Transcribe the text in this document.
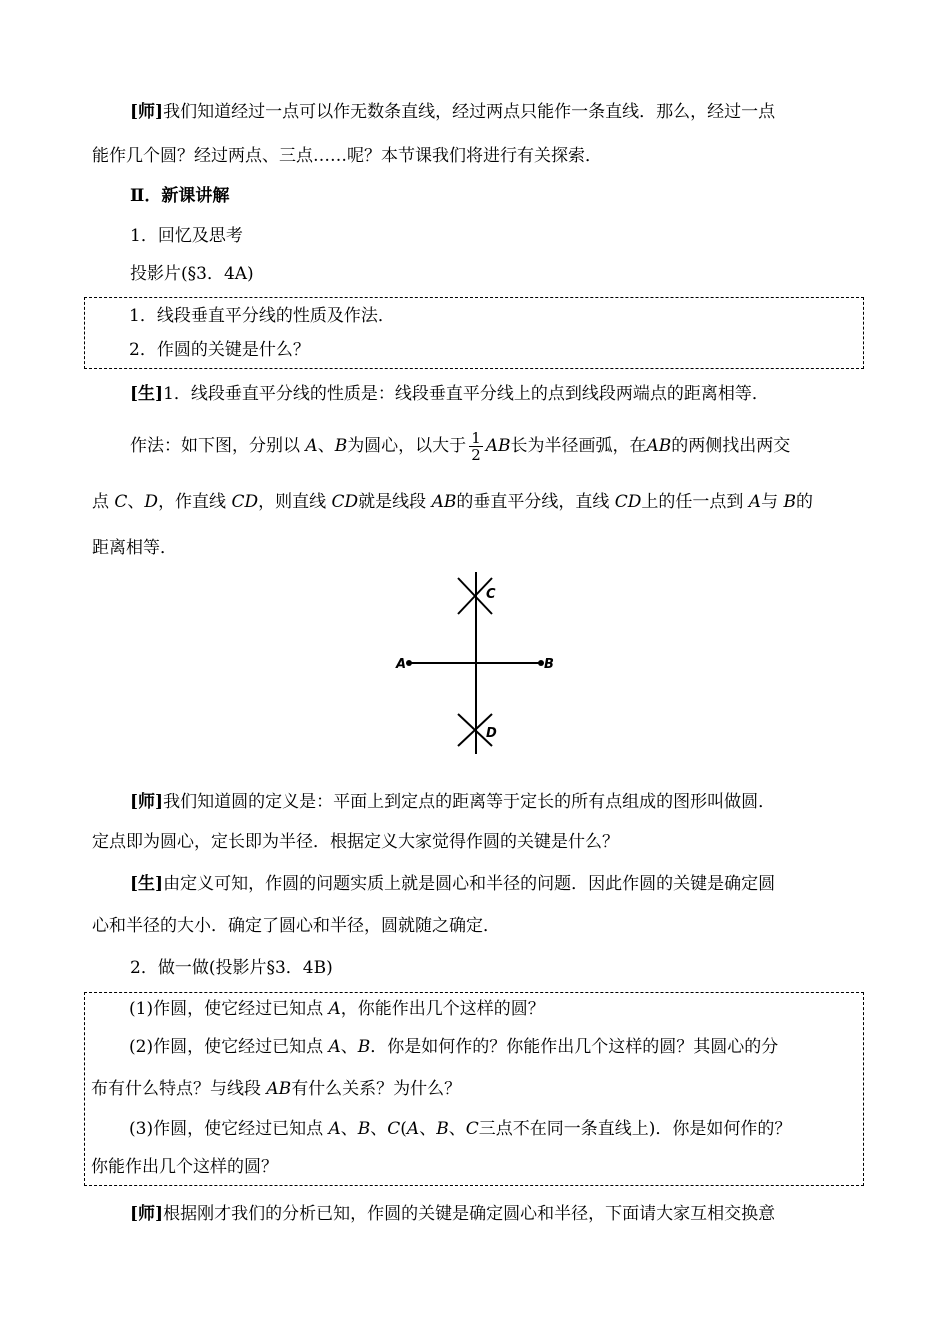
[师]我们知道经过一点可以作无数条直线，经过两点只能作一条直线．那么，经过一点
能作几个圆？经过两点、三点……呢？本节课我们将进行有关探索．
Ⅱ．新课讲解
1．回忆及思考
投影片(§3．4A)
1．线段垂直平分线的性质及作法．
2．作圆的关键是什么？
[生]1．线段垂直平分线的性质是：线段垂直平分线上的点到线段两端点的距离相等．
作法：如下图，分别以 A、B为圆心，以大于 $\frac{1}{2}$ AB长为半径画弧，在AB的两侧找出两交
点 C、D，作直线 CD，则直线 CD就是线段 AB的垂直平分线，直线 CD上的任一点到 A与 B的
距离相等．
A	B
C
D
[师]我们知道圆的定义是：平面上到定点的距离等于定长的所有点组成的图形叫做圆．
定点即为圆心，定长即为半径．根据定义大家觉得作圆的关键是什么？
[生]由定义可知，作圆的问题实质上就是圆心和半径的问题．因此作圆的关键是确定圆
心和半径的大小．确定了圆心和半径，圆就随之确定．
2．做一做(投影片§3．4B)
(1)作圆，使它经过已知点 A，你能作出几个这样的圆？
(2)作圆，使它经过已知点 A、B．你是如何作的？你能作出几个这样的圆？其圆心的分
布有什么特点？与线段 AB有什么关系？为什么？
(3)作圆，使它经过已知点 A、B、C(A、B、C三点不在同一条直线上)．你是如何作的？
你能作出几个这样的圆？
[师]根据刚才我们的分析已知，作圆的关键是确定圆心和半径，下面请大家互相交换意
